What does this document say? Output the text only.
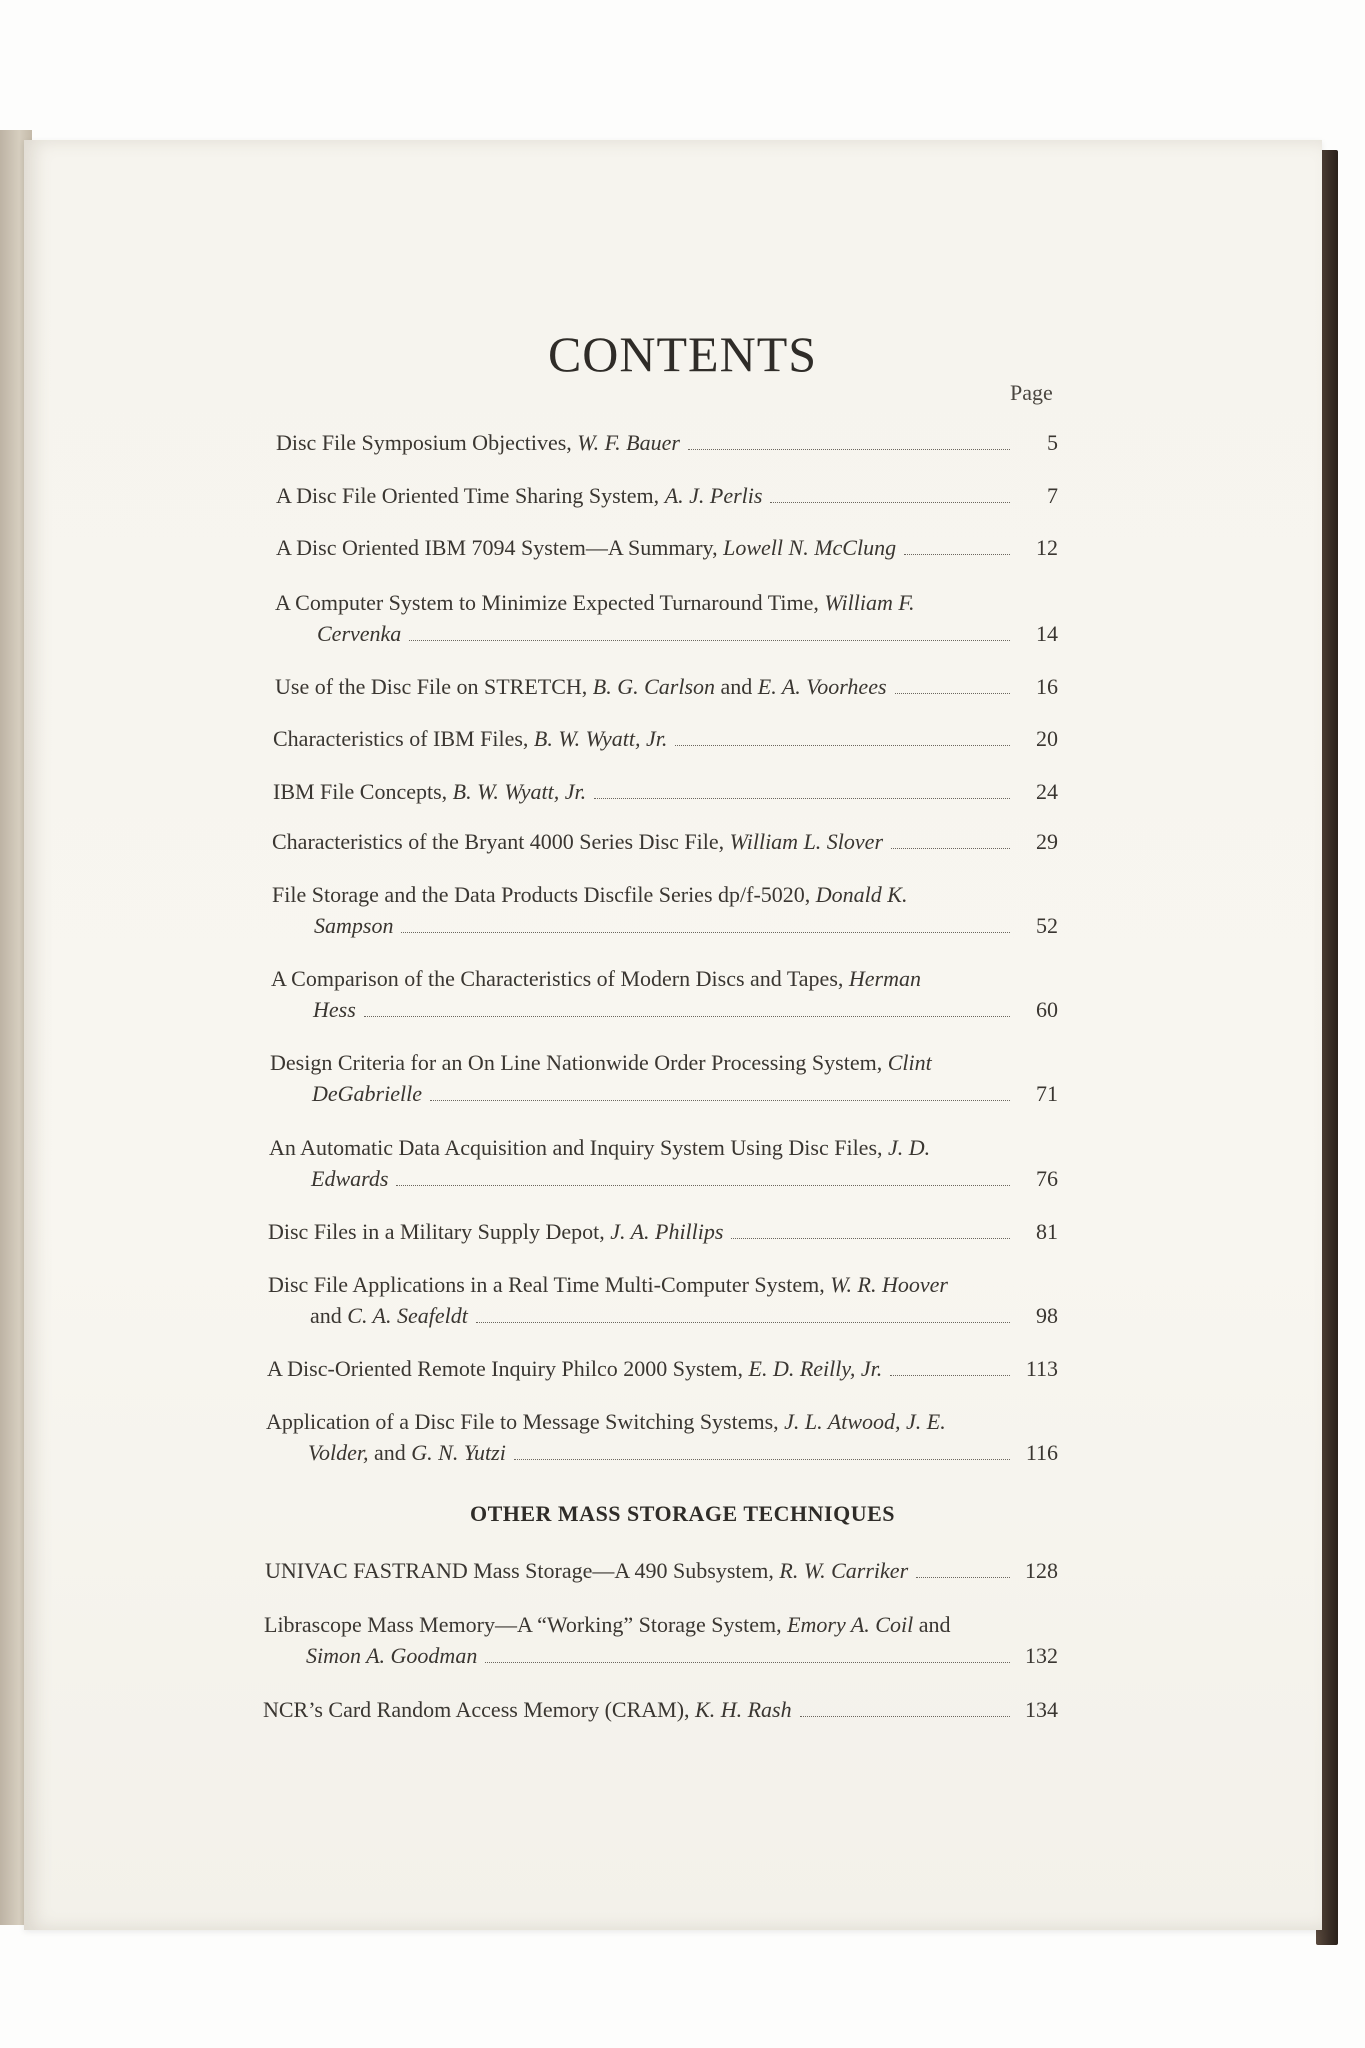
CONTENTS
Page
Disc File Symposium Objectives,
W. F. Bauer	5
A Disc File Oriented Time Sharing System,
A. J. Perlis	7
A Disc Oriented IBM 7094 System—A Summary,
Lowell N. McClung	12
A Computer System to Minimize Expected Turnaround Time,
William F.
Cervenka	14
Use of the Disc File on STRETCH,
B. G. Carlson
and
E. A. Voorhees	16
Characteristics of IBM Files,
B. W. Wyatt, Jr.	20
IBM File Concepts,
B. W. Wyatt, Jr.	24
Characteristics of the Bryant 4000 Series Disc File,
William L. Slover	29
File Storage and the Data Products Discfile Series dp/f-5020,
Donald K.
Sampson	52
A Comparison of the Characteristics of Modern Discs and Tapes,
Herman
Hess	60
Design Criteria for an On Line Nationwide Order Processing System,
Clint
DeGabrielle	71
An Automatic Data Acquisition and Inquiry System Using Disc Files,
J. D.
Edwards	76
Disc Files in a Military Supply Depot,
J. A. Phillips	81
Disc File Applications in a Real Time Multi-Computer System,
W. R. Hoover
and
C. A. Seafeldt	98
A Disc-Oriented Remote Inquiry Philco 2000 System,
E. D. Reilly, Jr.	113
Application of a Disc File to Message Switching Systems,
J. L. Atwood, J. E.
Volder,
and
G. N. Yutzi	116
OTHER MASS STORAGE TECHNIQUES
UNIVAC FASTRAND Mass Storage—A 490 Subsystem,
R. W. Carriker	128
Librascope Mass Memory—A “Working” Storage System,
Emory A. Coil
and
Simon A. Goodman	132
NCR’s Card Random Access Memory (CRAM),
K. H. Rash	134
